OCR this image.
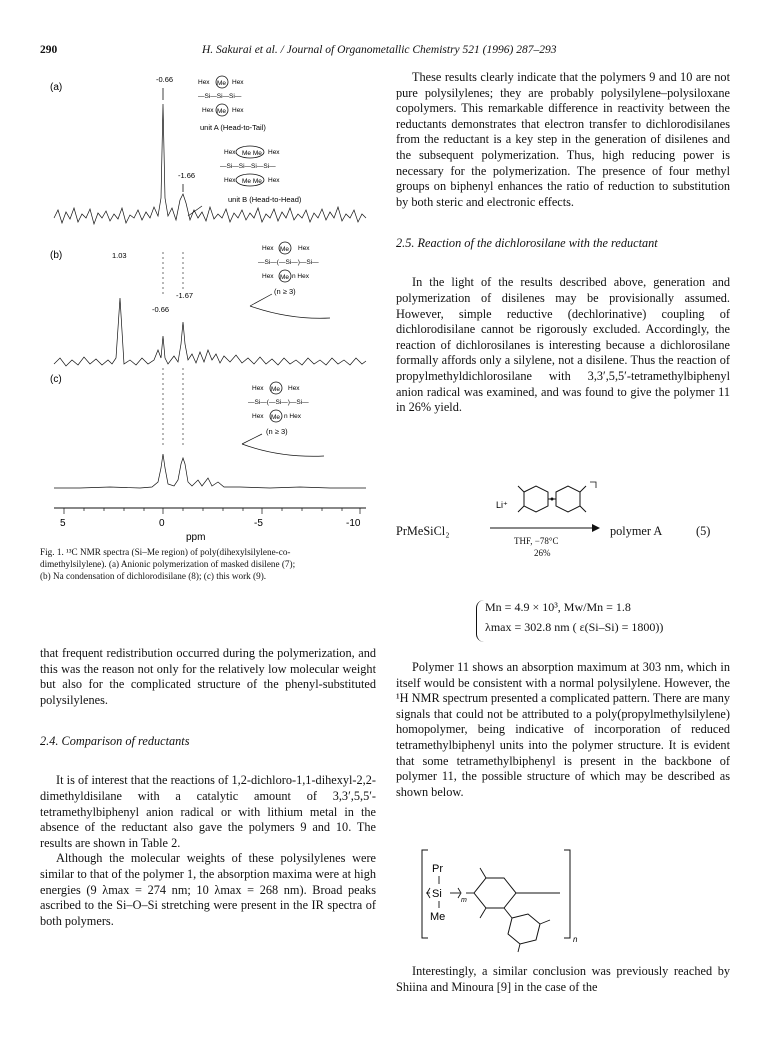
290	H. Sakurai et al. / Journal of Organometallic Chemistry 521 (1996) 287–293
(a)
(b)
(c)
-0.66
-1.66
Hex Me Hex
—Si—Si—Si—
Hex Me Hex
unit A (Head-to-Tail)
Hex Me Me Hex
—Si—Si—Si—Si—
Hex Me Me Hex
unit B (Head-to-Head)
1.03
-1.67
-0.66
Hex Me Hex
—Si—(—Si—)—Si—
Hex Me n Hex
(n ≥ 3)
Hex Me Hex
—Si—(—Si—)—Si—
Hex Me n Hex
(n ≥ 3)
5	0	-5	-10
ppm

Fig. 1. ¹³C NMR spectra (Si–Me region) of poly(dihexylsilylene-co-

dimethylsilylene). (a) Anionic polymerization of masked disilene (7);

(b) Na condensation of dichlorodisilane (8); (c) this work (9).

that frequent redistribution occurred during the polymerization, and this was the reason not only for the relatively low molecular weight but also for the complicated structure of the phenyl-substituted polysilylenes.

2.4. Comparison of reductants

It is of interest that the reactions of 1,2-dichloro-1,1-dihexyl-2,2-dimethyldisilane with a catalytic amount of 3,3′,5,5′-tetramethylbiphenyl anion radical or with lithium metal in the absence of the reductant also gave the polymers 9 and 10. The results are shown in Table 2.

Although the molecular weights of these polysilylenes were similar to that of the polymer 1, the absorption maxima were at high energies (9 λmax = 274 nm; 10 λmax = 268 nm). Broad peaks ascribed to the Si–O–Si stretching were present in the IR spectra of both polymers.

These results clearly indicate that the polymers 9 and 10 are not pure polysilylenes; they are probably polysilylene–polysiloxane copolymers. This remarkable difference in reactivity between the reductants demonstrates that electron transfer to dichlorodisilanes from the reductant is a key step in the generation of disilenes and the subsequent polymerization. Thus, high reducing power is necessary for the polymerization. The presence of four methyl groups on biphenyl enhances the ratio of reduction to substitution by both steric and electronic effects.

2.5. Reaction of the dichlorosilane with the reductant

In the light of the results described above, generation and polymerization of disilenes may be provisionally assumed. However, simple reductive (dechlorinative) coupling of dichlorodisilane cannot be rigorously excluded. Accordingly, the reaction of dichlorosilanes is interesting because a dichlorosilane formally affords only a silylene, not a disilene. Thus the reaction of propylmethyldichlorosilane with 3,3′,5,5′-tetramethylbiphenyl anion radical was examined, and was found to give the polymer 11 in 26% yield.

PrMeSiCl₂
Li⁺
THF, −78°C
26%
polymer A	(5)
Mn = 4.9 × 10³, Mw/Mn = 1.8
λmax = 302.8 nm ( ε(Si–Si) = 1800))

Polymer 11 shows an absorption maximum at 303 nm, which in itself would be consistent with a normal polysilylene. However, the ¹H NMR spectrum presented a complicated pattern. There are many signals that could not be attributed to a poly(propylmethylsilylene) homopolymer, being indicative of incorporation of reduced tetramethylbiphenyl units into the polymer structure. It is evident that some tetramethylbiphenyl is present in the backbone of polymer 11, the possible structure of which may be described as shown below.

n
Pr
Si
m
Me

Interestingly, a similar conclusion was previously reached by Shiina and Minoura [9] in the case of the
